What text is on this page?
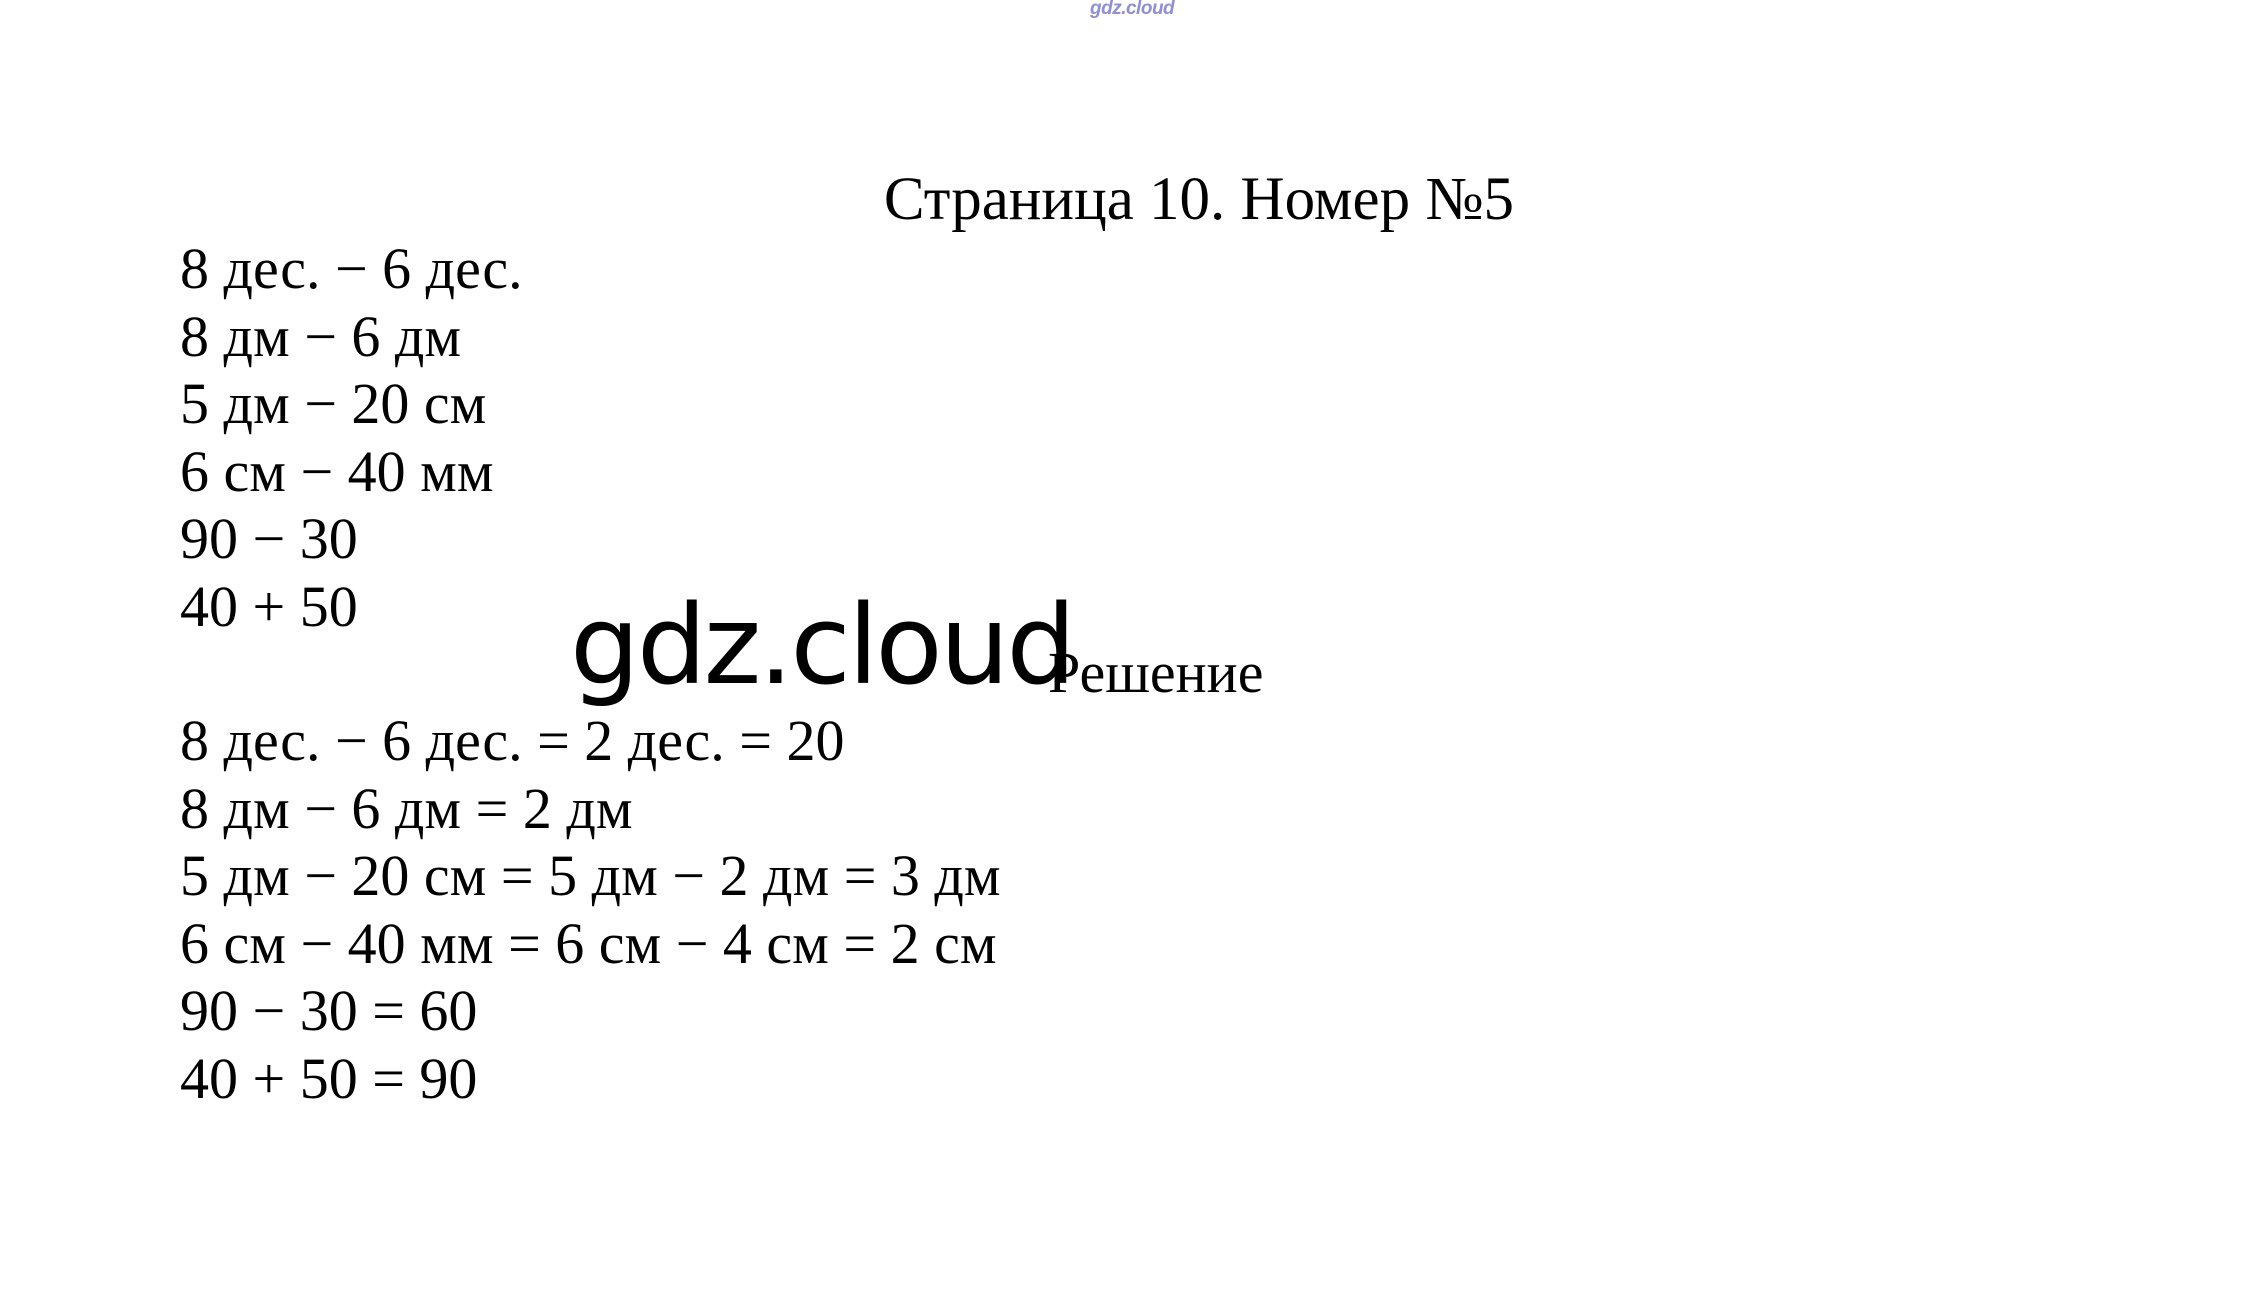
gdz.cloud
Страница 10. Номер №5
8 дес. − 6 дес.
8 дм − 6 дм
5 дм − 20 см
6 см − 40 мм
90 − 30
40 + 50	gdz.cloud
Решение
8 дес. − 6 дес. = 2 дес. = 20
8 дм − 6 дм = 2 дм
5 дм − 20 см = 5 дм − 2 дм = 3 дм
6 см − 40 мм = 6 см − 4 см = 2 см
90 − 30 = 60
40 + 50 = 90
